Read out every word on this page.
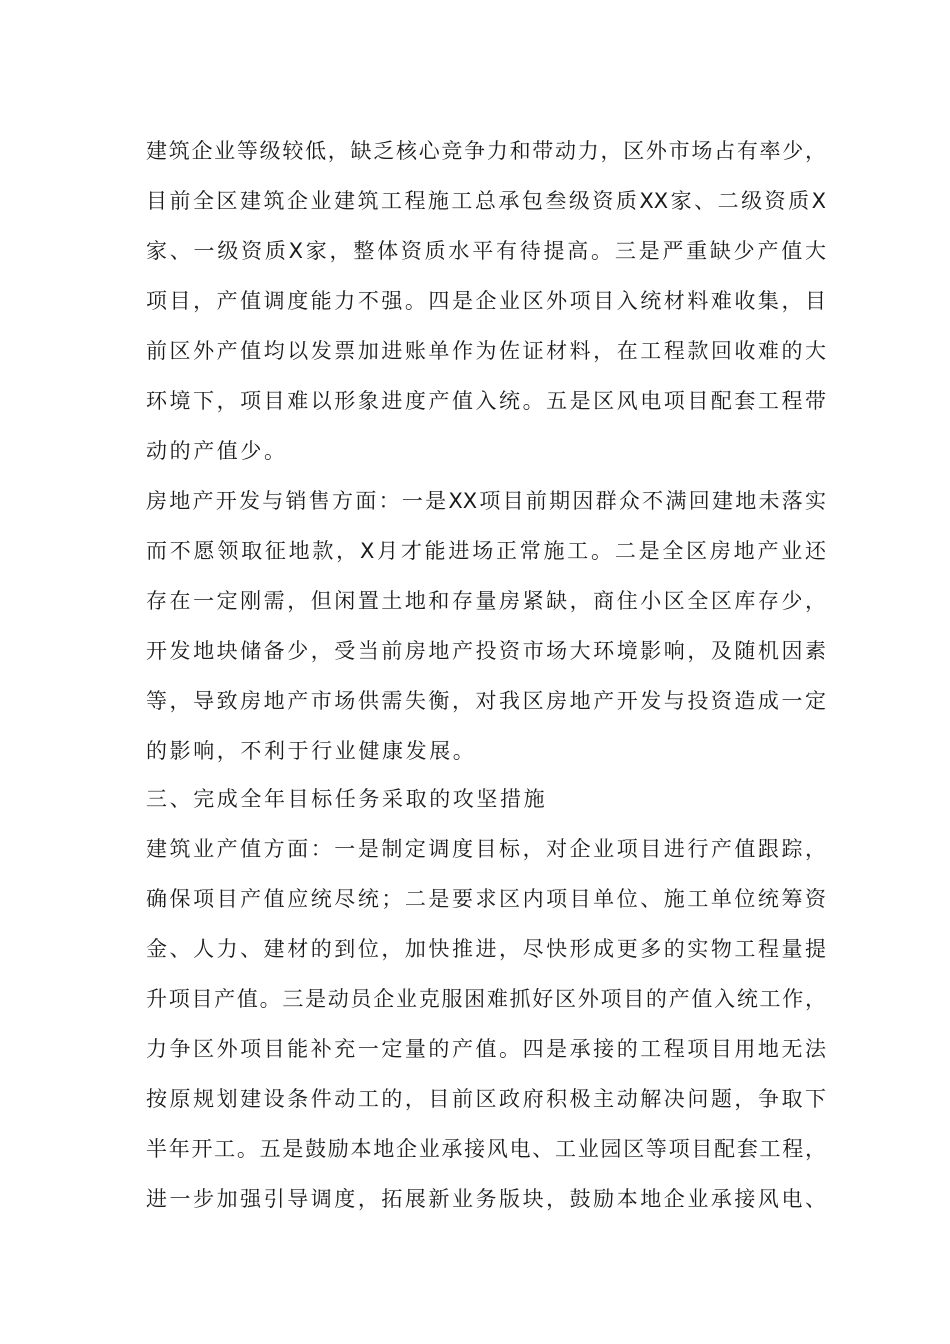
建筑企业等级较低，缺乏核心竞争力和带动力，区外市场占有率少，
目前全区建筑企业建筑工程施工总承包叁级资质XX家、二级资质X
家、一级资质X家，整体资质水平有待提高。三是严重缺少产值大
项目，产值调度能力不强。四是企业区外项目入统材料难收集，目
前区外产值均以发票加进账单作为佐证材料，在工程款回收难的大
环境下，项目难以形象进度产值入统。五是区风电项目配套工程带
动的产值少。
房地产开发与销售方面：一是XX项目前期因群众不满回建地未落实
而不愿领取征地款，X月才能进场正常施工。二是全区房地产业还
存在一定刚需，但闲置土地和存量房紧缺，商住小区全区库存少，
开发地块储备少，受当前房地产投资市场大环境影响，及随机因素
等，导致房地产市场供需失衡，对我区房地产开发与投资造成一定
的影响，不利于行业健康发展。
三、完成全年目标任务采取的攻坚措施
建筑业产值方面：一是制定调度目标，对企业项目进行产值跟踪，
确保项目产值应统尽统；二是要求区内项目单位、施工单位统筹资
金、人力、建材的到位，加快推进，尽快形成更多的实物工程量提
升项目产值。三是动员企业克服困难抓好区外项目的产值入统工作，
力争区外项目能补充一定量的产值。四是承接的工程项目用地无法
按原规划建设条件动工的，目前区政府积极主动解决问题，争取下
半年开工。五是鼓励本地企业承接风电、工业园区等项目配套工程，
进一步加强引导调度，拓展新业务版块，鼓励本地企业承接风电、
